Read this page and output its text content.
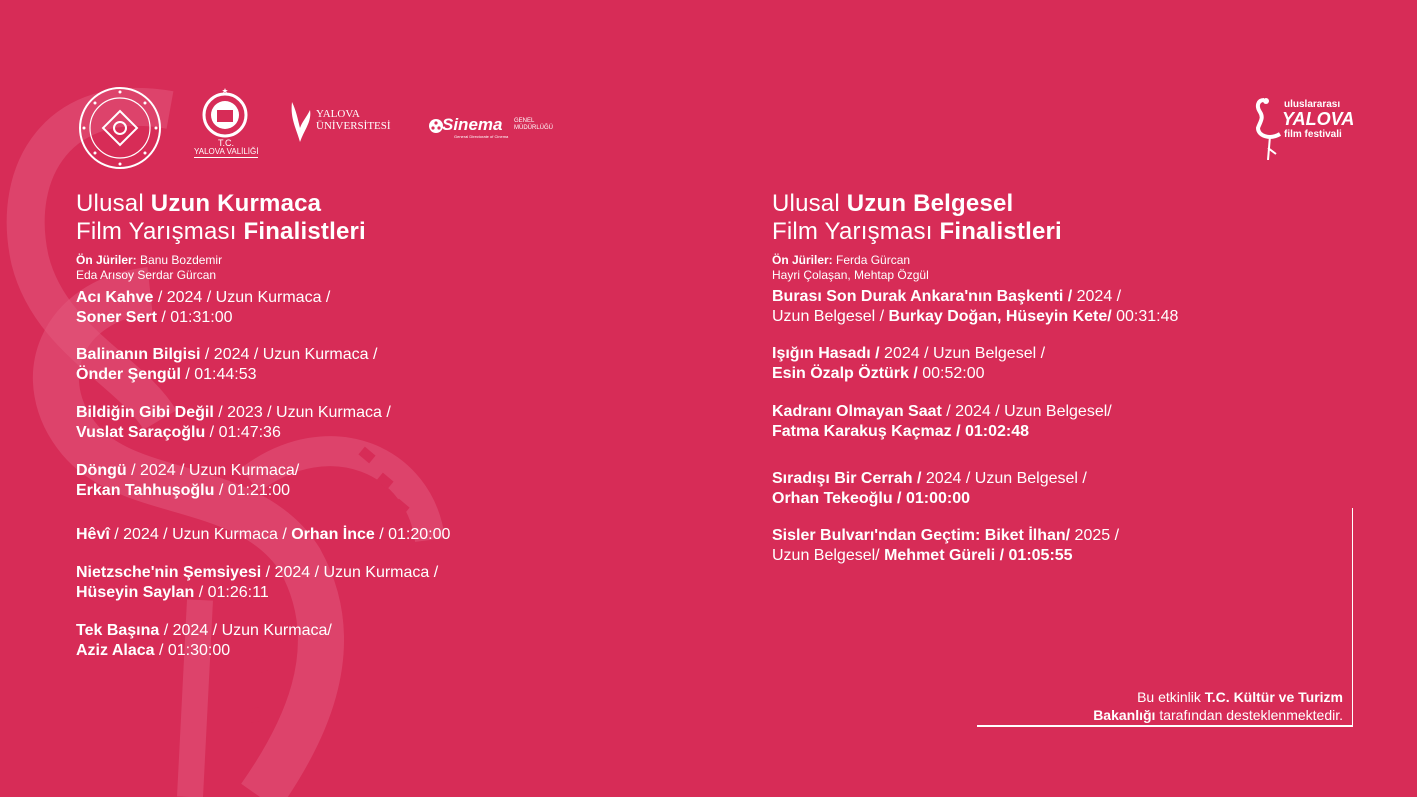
T.C.
YALOVA VALİLİĞİ
YALOVA
ÜNİVERSİTESİ	Sinema GENEL
MÜDÜRLÜĞÜ
General Directorate of Cinema
uluslararası
YALOVA
film festivali
Ulusal Uzun Kurmaca
Film Yarışması Finalistleri
Ön Jüriler: Banu Bozdemir
Eda Arısoy Serdar Gürcan
Acı Kahve / 2024 / Uzun Kurmaca /
Soner Sert / 01:31:00
Balinanın Bilgisi / 2024 / Uzun Kurmaca /
Önder Şengül / 01:44:53
Bildiğin Gibi Değil / 2023 / Uzun Kurmaca /
Vuslat Saraçoğlu / 01:47:36
Döngü / 2024 / Uzun Kurmaca/
Erkan Tahhuşoğlu / 01:21:00
Hêvî / 2024 / Uzun Kurmaca / Orhan İnce / 01:20:00
Nietzsche'nin Şemsiyesi / 2024 / Uzun Kurmaca /
Hüseyin Saylan / 01:26:11
Tek Başına / 2024 / Uzun Kurmaca/
Aziz Alaca / 01:30:00
Ulusal Uzun Belgesel
Film Yarışması Finalistleri
Ön Jüriler: Ferda Gürcan
Hayri Çolaşan, Mehtap Özgül
Burası Son Durak Ankara'nın Başkenti / 2024 /
Uzun Belgesel / Burkay Doğan, Hüseyin Kete/ 00:31:48
Işığın Hasadı / 2024 / Uzun Belgesel /
Esin Özalp Öztürk / 00:52:00
Kadranı Olmayan Saat / 2024 / Uzun Belgesel/
Fatma Karakuş Kaçmaz / 01:02:48
Sıradışı Bir Cerrah / 2024 / Uzun Belgesel /
Orhan Tekeoğlu / 01:00:00
Sisler Bulvarı'ndan Geçtim: Biket İlhan/ 2025 /
Uzun Belgesel/ Mehmet Güreli / 01:05:55
Bu etkinlik T.C. Kültür ve Turizm
Bakanlığı tarafından desteklenmektedir.
